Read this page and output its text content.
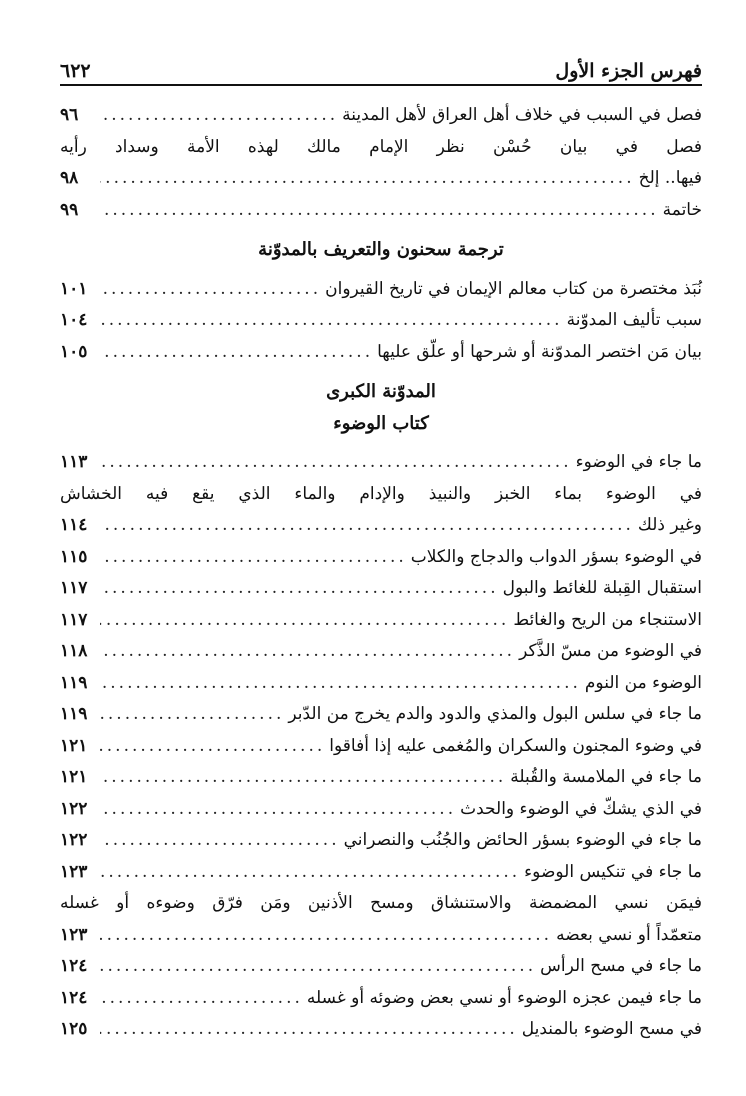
فهرس الجزء الأول
٦٢٢
فصل في السبب في خلاف أهل العراق لأهل المدينة
.....
٩٦
فصل في بيان حُسْن نظر الإمام مالك لهذه الأمة وسداد رأيه
فيها.. إلخ
.....
٩٨
خاتمة
.....
٩٩
ترجمة سحنون والتعريف بالمدوّنة
نُبَذ مختصرة من كتاب معالم الإيمان في تاريخ القيروان
.....
١٠١
سبب تأليف المدوّنة
.....
١٠٤
بيان مَن اختصر المدوّنة أو شرحها أو علّق عليها
.....
١٠٥
المدوّنة الكبرى
كتاب الوضوء
ما جاء في الوضوء
.....
١١٣
في الوضوء بماء الخبز والنبيذ والإدام والماء الذي يقع فيه الخشاش
وغير ذلك
.....
١١٤
في الوضوء بسؤر الدواب والدجاج والكلاب
.....
١١٥
استقبال القِبلة للغائط والبول
.....
١١٧
الاستنجاء من الريح والغائط
.....
١١٧
في الوضوء من مسّ الذَّكر
.....
١١٨
الوضوء من النوم
.....
١١٩
ما جاء في سلس البول والمذي والدود والدم يخرج من الدّبر
.....
١١٩
في وضوء المجنون والسكران والمُغمى عليه إذا أفاقوا
.....
١٢١
ما جاء في الملامسة والقُبلة
.....
١٢١
في الذي يشكّ في الوضوء والحدث
.....
١٢٢
ما جاء في الوضوء بسؤر الحائض والجُنُب والنصراني
.....
١٢٢
ما جاء في تنكيس الوضوء
.....
١٢٣
فيمَن نسي المضمضة والاستنشاق ومسح الأذنين ومَن فرّق وضوءه أو غسله
متعمّداً أو نسي بعضه
.....
١٢٣
ما جاء في مسح الرأس
.....
١٢٤
ما جاء فيمن عجزه الوضوء أو نسي بعض وضوئه أو غسله
.....
١٢٤
في مسح الوضوء بالمنديل
.....
١٢٥
